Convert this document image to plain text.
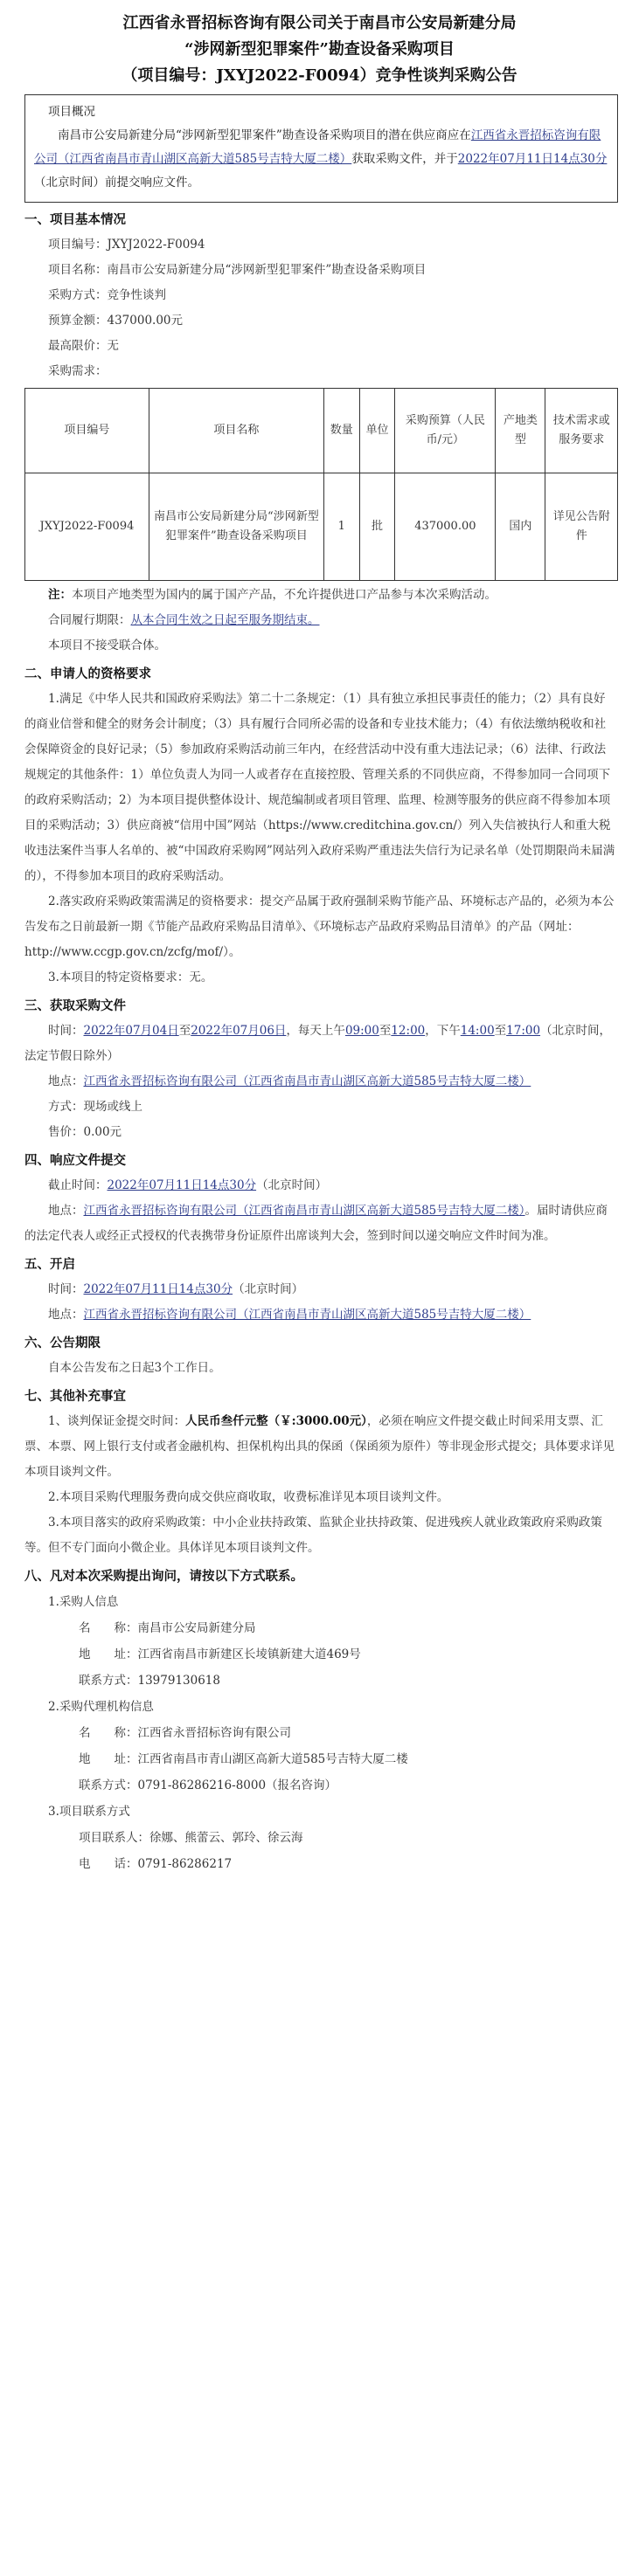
江西省永晋招标咨询有限公司关于南昌市公安局新建分局
“涉网新型犯罪案件”勘查设备采购项目
（项目编号：JXYJ2022-F0094）竞争性谈判采购公告
项目概况
南昌市公安局新建分局“涉网新型犯罪案件”勘查设备采购项目的潜在供应商应在江西省永晋招标咨询有限公司（江西省南昌市青山湖区高新大道585号吉特大厦二楼）获取采购文件，并于2022年07月11日14点30分（北京时间）前提交响应文件。
一、项目基本情况
项目编号：JXYJ2022-F0094
项目名称：南昌市公安局新建分局“涉网新型犯罪案件”勘查设备采购项目
采购方式：竞争性谈判
预算金额：437000.00元
最高限价：无
采购需求：
项目编号	项目名称	数量	单位	采购预算（人民币/元）	产地类型	技术需求或服务要求
JXYJ2022-F0094	南昌市公安局新建分局“涉网新型犯罪案件”勘查设备采购项目	1	批	437000.00	国内	详见公告附件
注：本项目产地类型为国内的属于国产产品，不允许提供进口产品参与本次采购活动。
合同履行期限：从本合同生效之日起至服务期结束。
本项目不接受联合体。
二、申请人的资格要求
1.满足《中华人民共和国政府采购法》第二十二条规定：（1）具有独立承担民事责任的能力；（2）具有良好的商业信誉和健全的财务会计制度；（3）具有履行合同所必需的设备和专业技术能力；（4）有依法缴纳税收和社会保障资金的良好记录；（5）参加政府采购活动前三年内，在经营活动中没有重大违法记录；（6）法律、行政法规规定的其他条件：1）单位负责人为同一人或者存在直接控股、管理关系的不同供应商，不得参加同一合同项下的政府采购活动；2）为本项目提供整体设计、规范编制或者项目管理、监理、检测等服务的供应商不得参加本项目的采购活动；3）供应商被“信用中国”网站（https://www.creditchina.gov.cn/）列入失信被执行人和重大税收违法案件当事人名单的、被“中国政府采购网”网站列入政府采购严重违法失信行为记录名单（处罚期限尚未届满的），不得参加本项目的政府采购活动。
2.落实政府采购政策需满足的资格要求：提交产品属于政府强制采购节能产品、环境标志产品的，必须为本公告发布之日前最新一期《节能产品政府采购品目清单》、《环境标志产品政府采购品目清单》的产品（网址：http://www.ccgp.gov.cn/zcfg/mof/）。
3.本项目的特定资格要求：无。
三、获取采购文件
时间：2022年07月04日至2022年07月06日，每天上午09:00至12:00，下午14:00至17:00（北京时间，法定节假日除外）
地点：江西省永晋招标咨询有限公司（江西省南昌市青山湖区高新大道585号吉特大厦二楼）
方式：现场或线上
售价：0.00元
四、响应文件提交
截止时间：2022年07月11日14点30分（北京时间）
地点：江西省永晋招标咨询有限公司（江西省南昌市青山湖区高新大道585号吉特大厦二楼）。届时请供应商的法定代表人或经正式授权的代表携带身份证原件出席谈判大会，签到时间以递交响应文件时间为准。
五、开启
时间：2022年07月11日14点30分（北京时间）
地点：江西省永晋招标咨询有限公司（江西省南昌市青山湖区高新大道585号吉特大厦二楼）
六、公告期限
自本公告发布之日起3个工作日。
七、其他补充事宜
1、谈判保证金提交时间：人民币叁仟元整（￥:3000.00元），必须在响应文件提交截止时间采用支票、汇票、本票、网上银行支付或者金融机构、担保机构出具的保函（保函须为原件）等非现金形式提交；具体要求详见本项目谈判文件。
2.本项目采购代理服务费向成交供应商收取，收费标准详见本项目谈判文件。
3.本项目落实的政府采购政策：中小企业扶持政策、监狱企业扶持政策、促进残疾人就业政策政府采购政策等。但不专门面向小微企业。具体详见本项目谈判文件。
八、凡对本次采购提出询问，请按以下方式联系。
1.采购人信息
名　　称：南昌市公安局新建分局
地　　址：江西省南昌市新建区长堎镇新建大道469号
联系方式：13979130618
2.采购代理机构信息
名　　称：江西省永晋招标咨询有限公司
地　　址：江西省南昌市青山湖区高新大道585号吉特大厦二楼
联系方式：0791-86286216-8000（报名咨询）
3.项目联系方式
项目联系人：徐娜、熊蕾云、郭玲、徐云海
电　　话：0791-86286217
